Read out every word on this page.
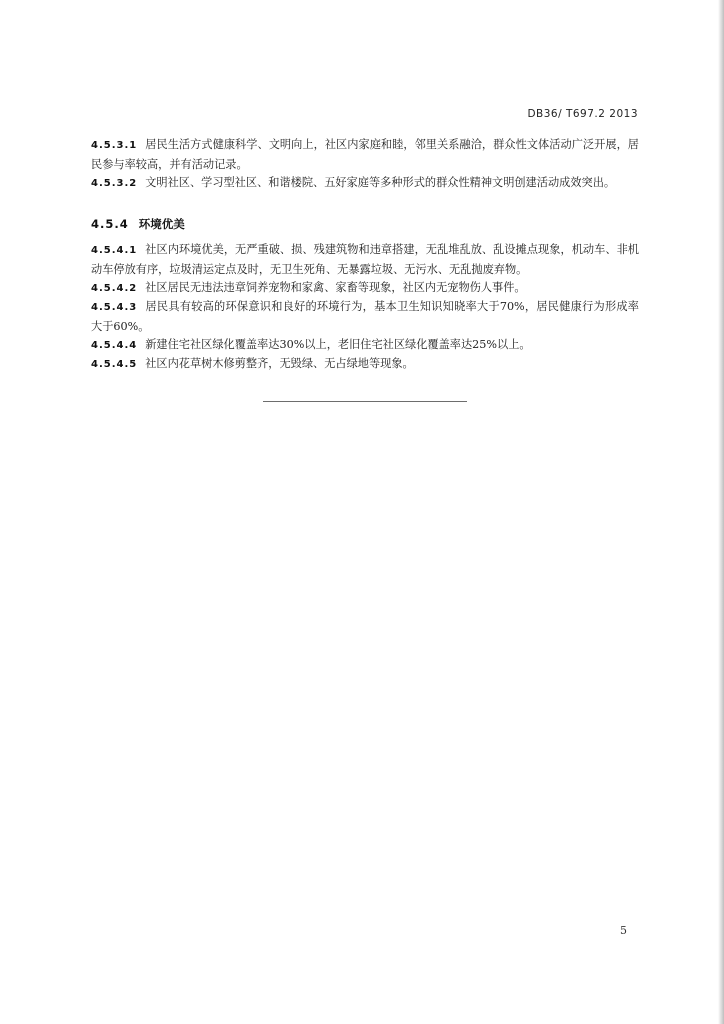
DB36/ T697.2 2013
4.5.3.1 居民生活方式健康科学、文明向上，社区内家庭和睦，邻里关系融洽，群众性文体活动广泛开展，居民参与率较高，并有活动记录。
4.5.3.2 文明社区、学习型社区、和谐楼院、五好家庭等多种形式的群众性精神文明创建活动成效突出。
4.5.4 环境优美
4.5.4.1 社区内环境优美，无严重破、损、残建筑物和违章搭建，无乱堆乱放、乱设摊点现象，机动车、非机动车停放有序，垃圾清运定点及时，无卫生死角、无暴露垃圾、无污水、无乱抛废弃物。
4.5.4.2 社区居民无违法违章饲养宠物和家禽、家畜等现象，社区内无宠物伤人事件。
4.5.4.3 居民具有较高的环保意识和良好的环境行为，基本卫生知识知晓率大于70%，居民健康行为形成率大于60%。
4.5.4.4 新建住宅社区绿化覆盖率达30%以上，老旧住宅社区绿化覆盖率达25%以上。
4.5.4.5 社区内花草树木修剪整齐，无毁绿、无占绿地等现象。
5
